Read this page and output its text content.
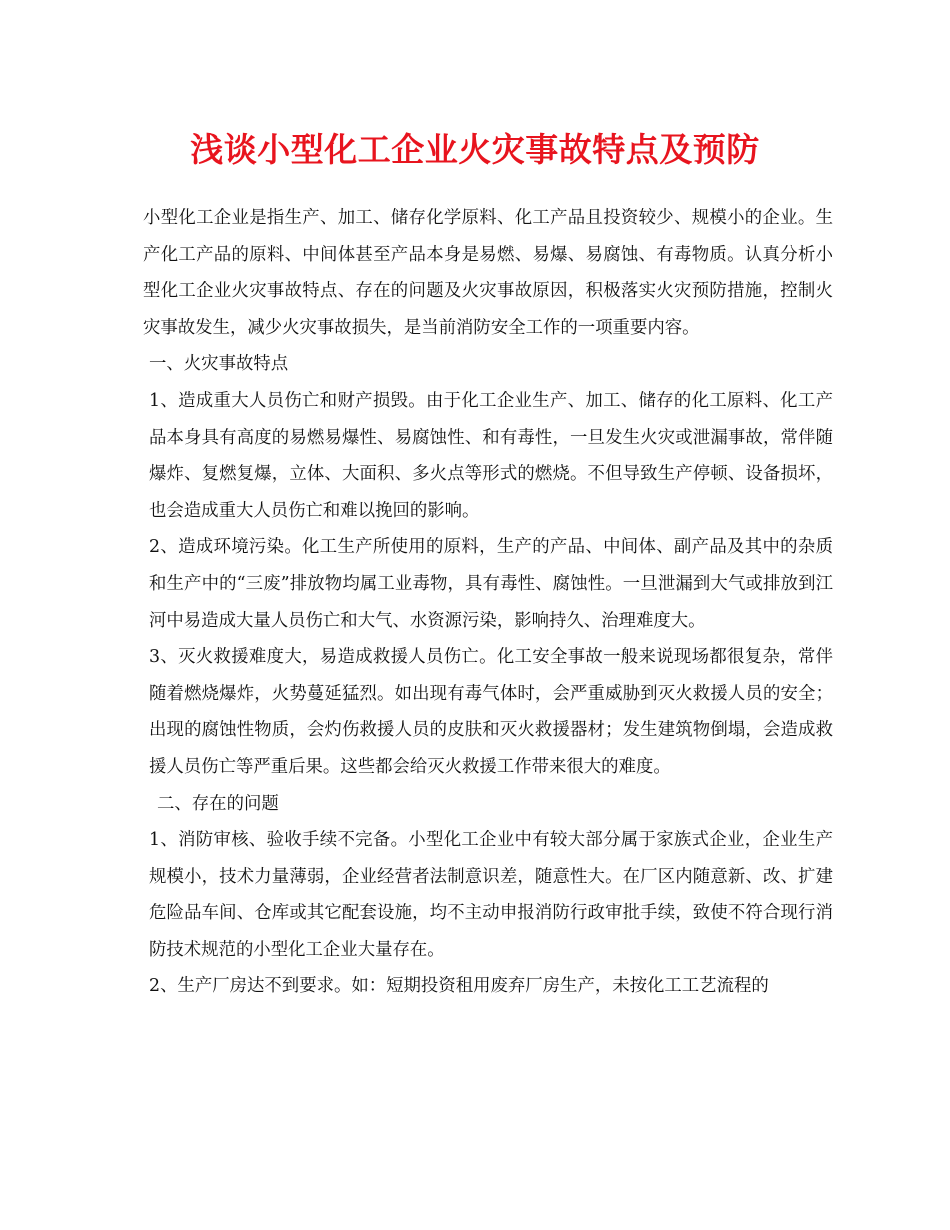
浅谈小型化工企业火灾事故特点及预防

小型化工企业是指生产、加工、储存化学原料、化工产品且投资较少、规模小的企业。生产化工产品的原料、中间体甚至产品本身是易燃、易爆、易腐蚀、有毒物质。认真分析小型化工企业火灾事故特点、存在的问题及火灾事故原因，积极落实火灾预防措施，控制火灾事故发生，减少火灾事故损失，是当前消防安全工作的一项重要内容。

一、火灾事故特点

1、造成重大人员伤亡和财产损毁。由于化工企业生产、加工、储存的化工原料、化工产品本身具有高度的易燃易爆性、易腐蚀性、和有毒性，一旦发生火灾或泄漏事故，常伴随爆炸、复燃复爆，立体、大面积、多火点等形式的燃烧。不但导致生产停顿、设备损坏，也会造成重大人员伤亡和难以挽回的影响。

2、造成环境污染。化工生产所使用的原料，生产的产品、中间体、副产品及其中的杂质和生产中的“三废”排放物均属工业毒物，具有毒性、腐蚀性。一旦泄漏到大气或排放到江河中易造成大量人员伤亡和大气、水资源污染，影响持久、治理难度大。

3、灭火救援难度大，易造成救援人员伤亡。化工安全事故一般来说现场都很复杂，常伴随着燃烧爆炸，火势蔓延猛烈。如出现有毒气体时，会严重威胁到灭火救援人员的安全；出现的腐蚀性物质，会灼伤救援人员的皮肤和灭火救援器材；发生建筑物倒塌，会造成救援人员伤亡等严重后果。这些都会给灭火救援工作带来很大的难度。

二、存在的问题

1、消防审核、验收手续不完备。小型化工企业中有较大部分属于家族式企业，企业生产规模小，技术力量薄弱，企业经营者法制意识差，随意性大。在厂区内随意新、改、扩建危险品车间、仓库或其它配套设施，均不主动申报消防行政审批手续，致使不符合现行消防技术规范的小型化工企业大量存在。

2、生产厂房达不到要求。如：短期投资租用废弃厂房生产，未按化工工艺流程的
